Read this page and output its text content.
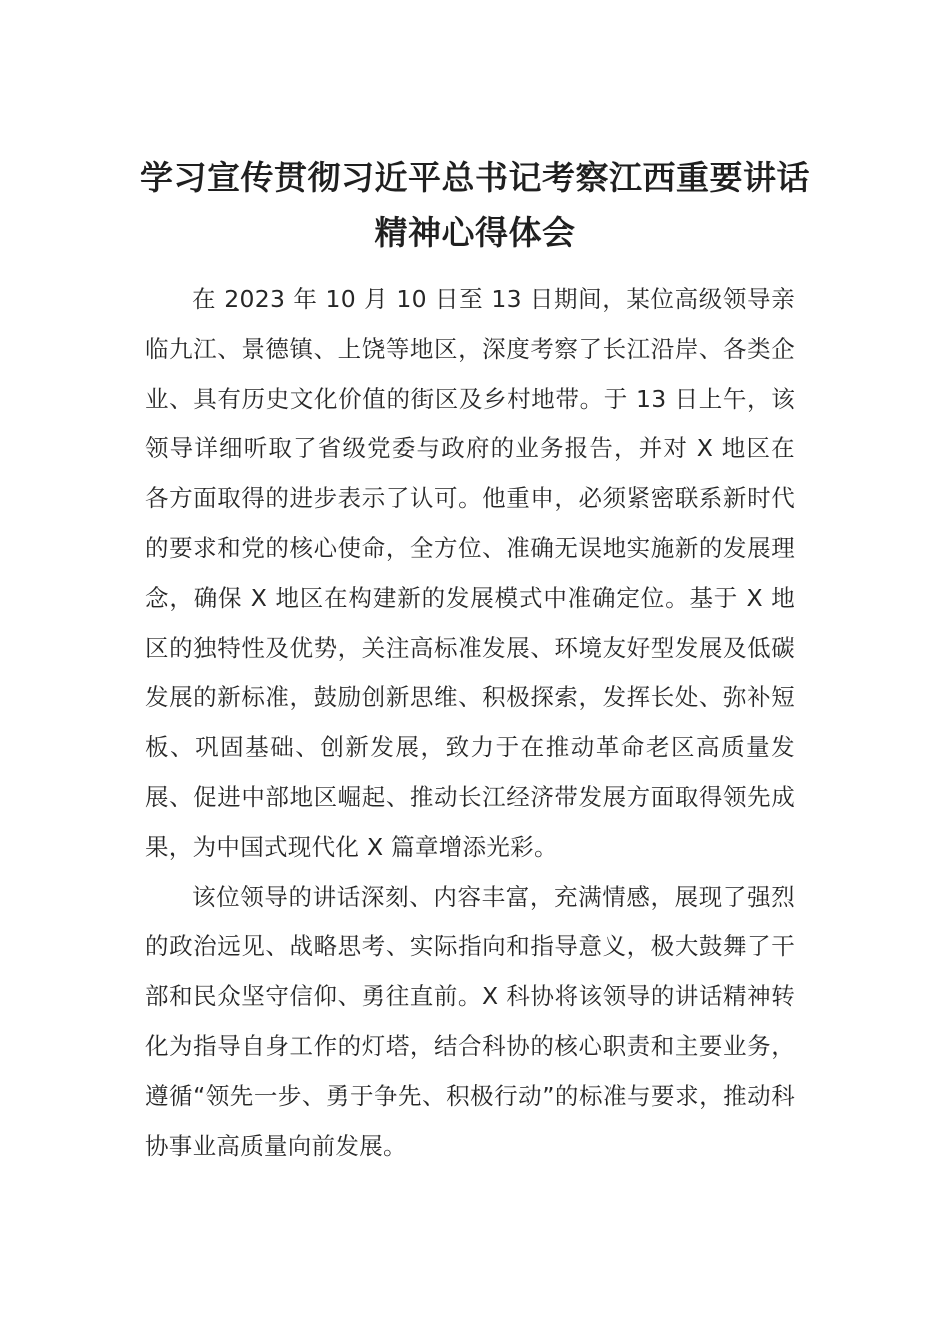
学习宣传贯彻习近平总书记考察江西重要讲话精神心得体会

在 2023 年 10 月 10 日至 13 日期间，某位高级领导亲临九江、景德镇、上饶等地区，深度考察了长江沿岸、各类企业、具有历史文化价值的街区及乡村地带。于 13 日上午，该领导详细听取了省级党委与政府的业务报告，并对 X 地区在各方面取得的进步表示了认可。他重申，必须紧密联系新时代的要求和党的核心使命，全方位、准确无误地实施新的发展理念，确保 X 地区在构建新的发展模式中准确定位。基于 X 地区的独特性及优势，关注高标准发展、环境友好型发展及低碳发展的新标准，鼓励创新思维、积极探索，发挥长处、弥补短板、巩固基础、创新发展，致力于在推动革命老区高质量发展、促进中部地区崛起、推动长江经济带发展方面取得领先成果，为中国式现代化 X 篇章增添光彩。

该位领导的讲话深刻、内容丰富，充满情感，展现了强烈的政治远见、战略思考、实际指向和指导意义，极大鼓舞了干部和民众坚守信仰、勇往直前。X 科协将该领导的讲话精神转化为指导自身工作的灯塔，结合科协的核心职责和主要业务，遵循“领先一步、勇于争先、积极行动”的标准与要求，推动科协事业高质量向前发展。
